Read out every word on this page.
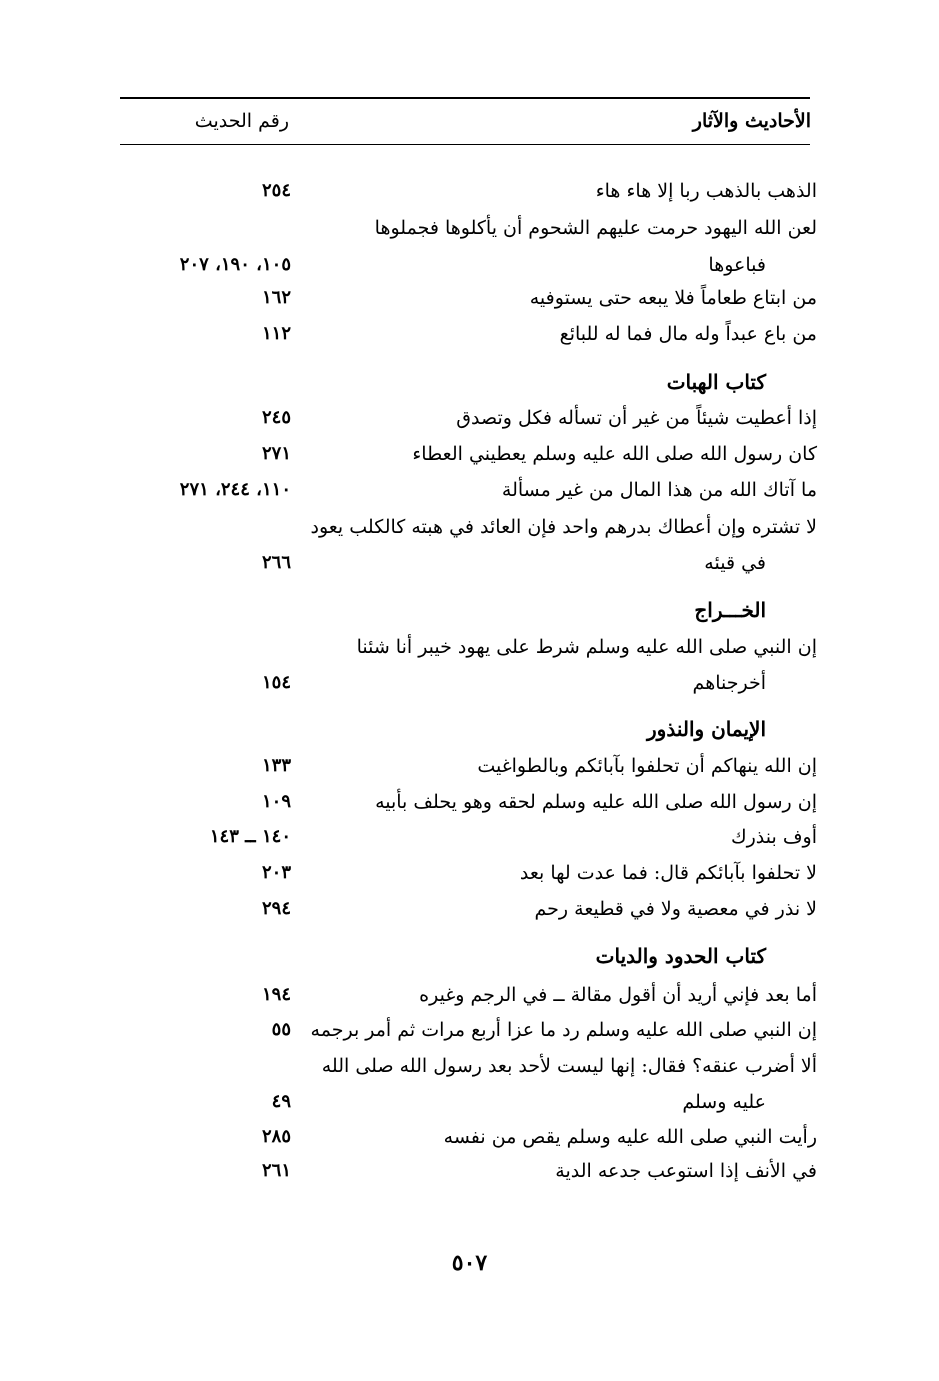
الأحاديث والآثار
رقم الحديث
الذهب بالذهب ربا إلا هاء هاء
٢٥٤
لعن الله اليهود حرمت عليهم الشحوم أن يأكلوها فجملوها
فباعوها
١٠٥، ١٩٠، ٢٠٧
من ابتاع طعاماً فلا يبعه حتى يستوفيه
١٦٢
من باع عبداً وله مال فما له للبائع
١١٢
كتاب الهبات
إذا أعطيت شيئاً من غير أن تسأله فكل وتصدق
٢٤٥
كان رسول الله صلى الله عليه وسلم يعطيني العطاء
٢٧١
ما آتاك الله من هذا المال من غير مسألة
١١٠، ٢٤٤، ٢٧١
لا تشتره وإن أعطاك بدرهم واحد فإن العائد في هبته كالكلب يعود
في قيئه
٢٦٦
الخـــراج
إن النبي صلى الله عليه وسلم شرط على يهود خيبر أنا شئنا
أخرجناهم
١٥٤
الإيمان والنذور
إن الله ينهاكم أن تحلفوا بآبائكم وبالطواغيت
١٣٣
إن رسول الله صلى الله عليه وسلم لحقه وهو يحلف بأبيه
١٠٩
أوف بنذرك
١٤٠ ــ ١٤٣
لا تحلفوا بآبائكم قال: فما عدت لها بعد
٢٠٣
لا نذر في معصية ولا في قطيعة رحم
٢٩٤
كتاب الحدود والديات
أما بعد فإني أريد أن أقول مقالة ــ في الرجم وغيره
١٩٤
إن النبي صلى الله عليه وسلم رد ما عزا أربع مرات ثم أمر برجمه
٥٥
ألا أضرب عنقه؟ فقال: إنها ليست لأحد بعد رسول الله صلى الله
عليه وسلم
٤٩
رأيت النبي صلى الله عليه وسلم يقص من نفسه
٢٨٥
في الأنف إذا استوعب جدعه الدية
٢٦١
٥٠٧
